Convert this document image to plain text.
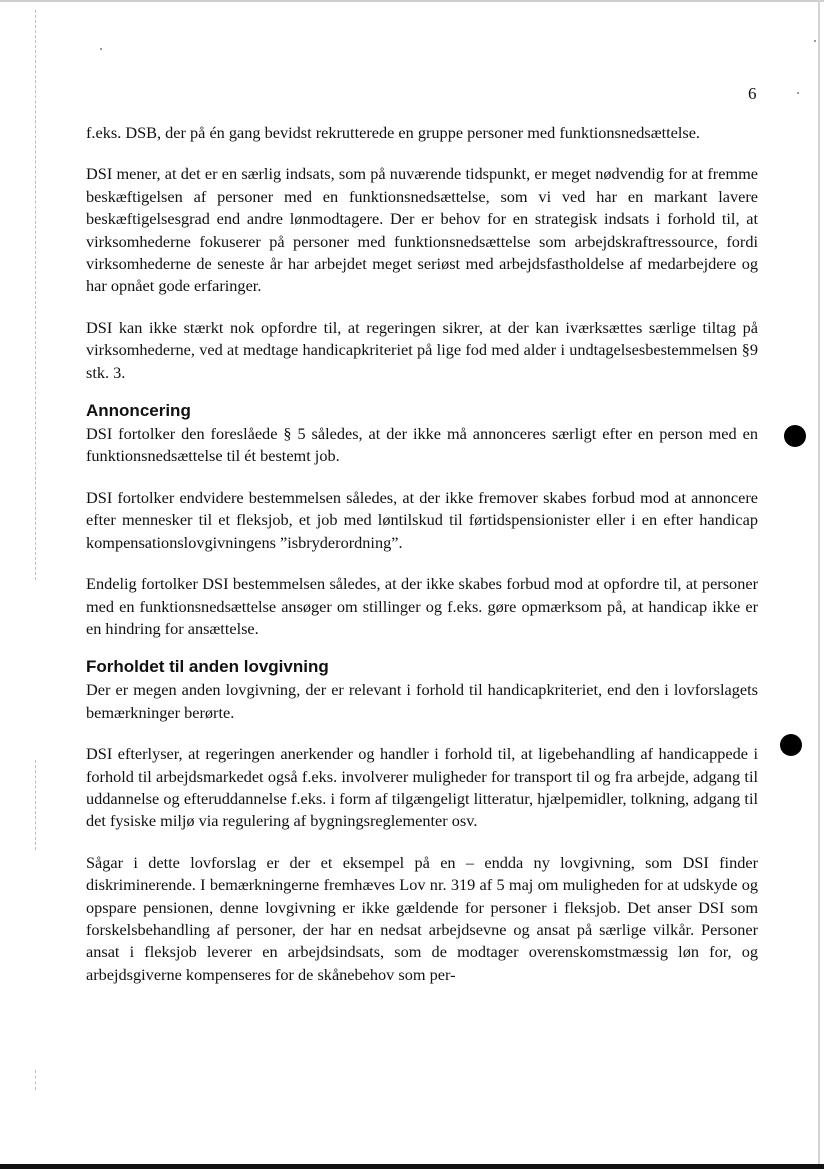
6

f.eks. DSB, der på én gang bevidst rekrutterede en gruppe personer med funktionsnedsættelse.

DSI mener, at det er en særlig indsats, som på nuværende tidspunkt, er meget nødvendig for at fremme beskæftigelsen af personer med en funktionsnedsættelse, som vi ved har en markant lavere beskæftigelsesgrad end andre lønmodtagere. Der er behov for en strategisk indsats i forhold til, at virksomhederne fokuserer på personer med funktionsnedsættelse som arbejdskraftressource, fordi virksomhederne de seneste år har arbejdet meget seriøst med arbejdsfastholdelse af medarbejdere og har opnået gode erfaringer.

DSI kan ikke stærkt nok opfordre til, at regeringen sikrer, at der kan iværksættes særlige tiltag på virksomhederne, ved at medtage handicapkriteriet på lige fod med alder i undtagelsesbestemmelsen §9 stk. 3.

Annoncering

DSI fortolker den foreslåede § 5 således, at der ikke må annonceres særligt efter en person med en funktionsnedsættelse til ét bestemt job.

DSI fortolker endvidere bestemmelsen således, at der ikke fremover skabes forbud mod at annoncere efter mennesker til et fleksjob, et job med løntilskud til førtidspensionister eller i en efter handicap kompensationslovgivningens ”isbryderordning”.

Endelig fortolker DSI bestemmelsen således, at der ikke skabes forbud mod at opfordre til, at personer med en funktionsnedsættelse ansøger om stillinger og f.eks. gøre opmærksom på, at handicap ikke er en hindring for ansættelse.

Forholdet til anden lovgivning

Der er megen anden lovgivning, der er relevant i forhold til handicapkriteriet, end den i lovforslagets bemærkninger berørte.

DSI efterlyser, at regeringen anerkender og handler i forhold til, at ligebehandling af handicappede i forhold til arbejdsmarkedet også f.eks. involverer muligheder for transport til og fra arbejde, adgang til uddannelse og efteruddannelse f.eks. i form af tilgængeligt litteratur, hjælpemidler, tolkning, adgang til det fysiske miljø via regulering af bygningsreglementer osv.

Sågar i dette lovforslag er der et eksempel på en – endda ny lovgivning, som DSI finder diskriminerende. I bemærkningerne fremhæves Lov nr. 319 af 5 maj om muligheden for at udskyde og opspare pensionen, denne lovgivning er ikke gældende for personer i fleksjob. Det anser DSI som forskelsbehandling af personer, der har en nedsat arbejdsevne og ansat på særlige vilkår. Personer ansat i fleksjob leverer en arbejdsindsats, som de modtager overenskomstmæssig løn for, og arbejdsgiverne kompenseres for de skånebehov som per-
